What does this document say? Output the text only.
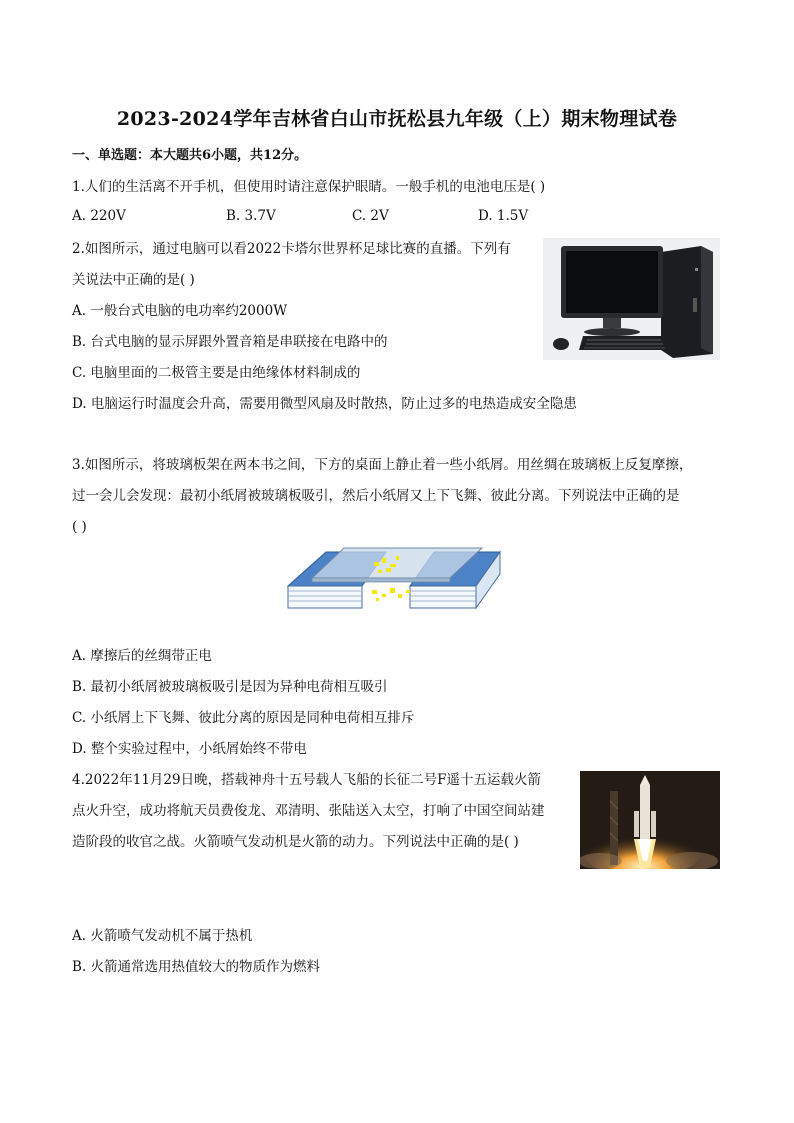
2023-2024学年吉林省白山市抚松县九年级（上）期末物理试卷
一、单选题：本大题共6小题，共12分。
1.人们的生活离不开手机，但使用时请注意保护眼睛。一般手机的电池电压是( )
A. 220V	B. 3.7V	C. 2V	D. 1.5V
2.如图所示，通过电脑可以看2022卡塔尔世界杯足球比赛的直播。下列有
关说法中正确的是( )
A. 一般台式电脑的电功率约2000W
B. 台式电脑的显示屏跟外置音箱是串联接在电路中的
C. 电脑里面的二极管主要是由绝缘体材料制成的
D. 电脑运行时温度会升高，需要用微型风扇及时散热，防止过多的电热造成安全隐患
3.如图所示，将玻璃板架在两本书之间，下方的桌面上静止着一些小纸屑。用丝绸在玻璃板上反复摩擦，
过一会儿会发现：最初小纸屑被玻璃板吸引，然后小纸屑又上下飞舞、彼此分离。下列说法中正确的是
( )
A. 摩擦后的丝绸带正电
B. 最初小纸屑被玻璃板吸引是因为异种电荷相互吸引
C. 小纸屑上下飞舞、彼此分离的原因是同种电荷相互排斥
D. 整个实验过程中，小纸屑始终不带电
4.2022年11月29日晚，搭载神舟十五号载人飞船的长征二号F遥十五运载火箭
点火升空，成功将航天员费俊龙、邓清明、张陆送入太空，打响了中国空间站建
造阶段的收官之战。火箭喷气发动机是火箭的动力。下列说法中正确的是( )
A. 火箭喷气发动机不属于热机
B. 火箭通常选用热值较大的物质作为燃料
